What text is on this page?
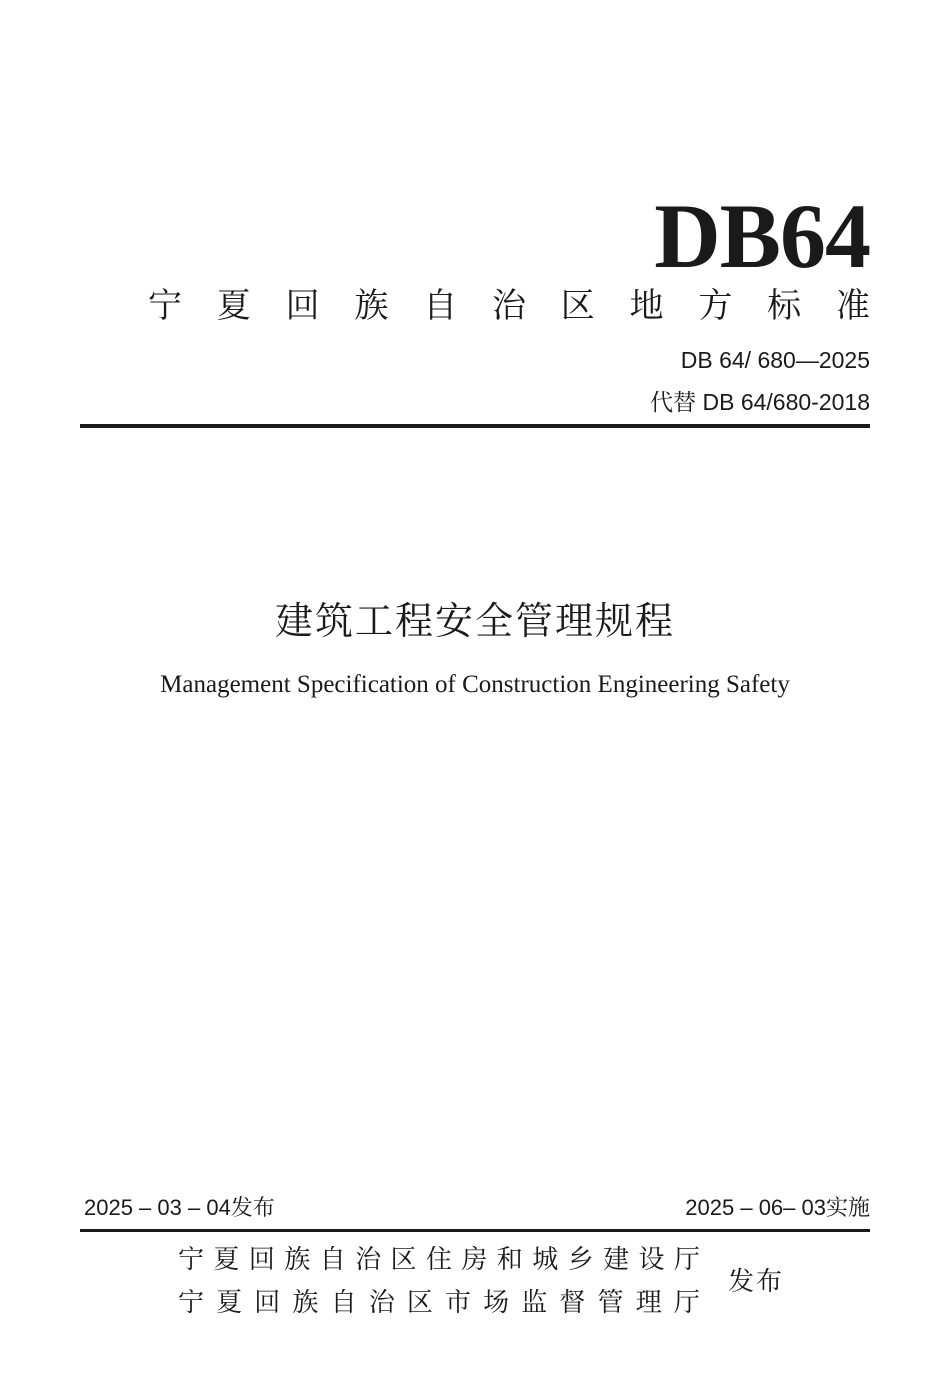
DB64
宁 夏 回 族 自 治 区 地 方 标 准
DB 64/ 680—2025
代替 DB 64/680-2018
建筑工程安全管理规程
Management Specification of Construction Engineering Safety
2025 – 03 – 04发布	2025 – 06– 03实施
宁 夏 回 族 自 治 区 住 房 和 城 乡 建 设 厅
宁 夏 回 族 自 治 区 市 场 监 督 管 理 厅
发布
